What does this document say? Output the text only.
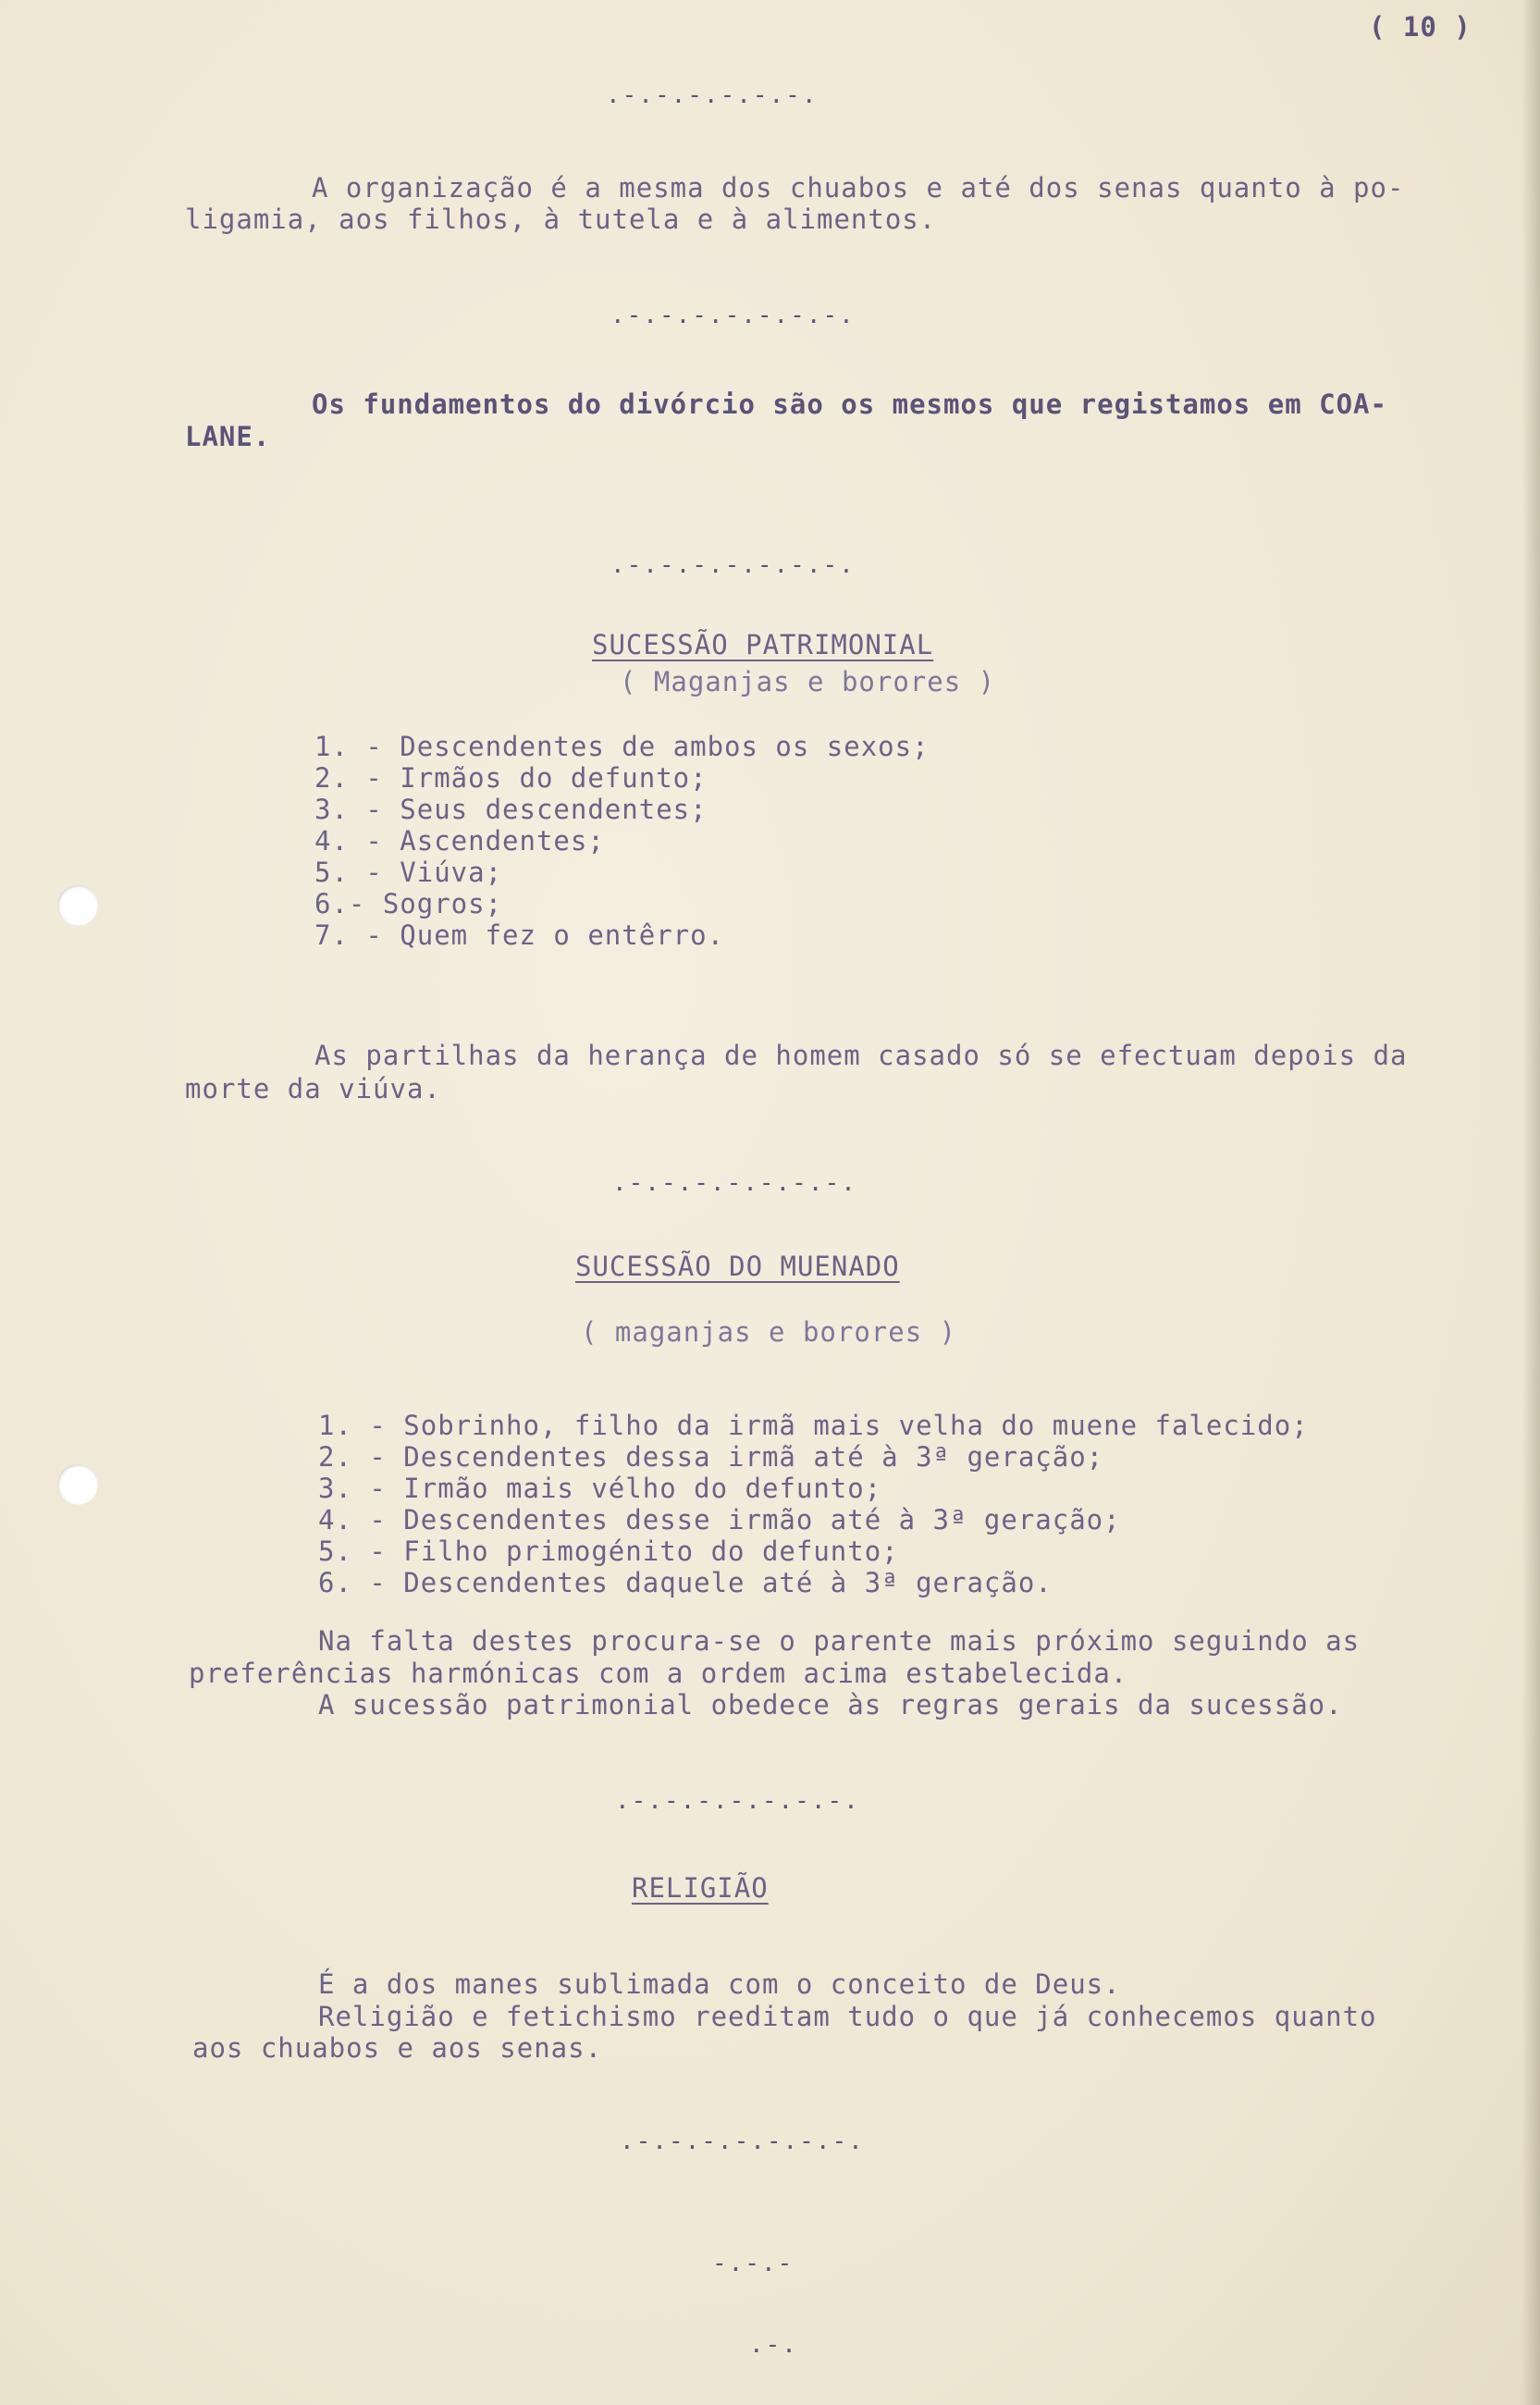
( 10 )
.-.-.-.-.-.-.
A organização é a mesma dos chuabos e até dos senas quanto à po-
ligamia, aos filhos, à tutela e à alimentos.
.-.-.-.-.-.-.-.
Os fundamentos do divórcio são os mesmos que registamos em COA-
LANE.
.-.-.-.-.-.-.-.
SUCESSÃO PATRIMONIAL
( Maganjas e borores )
1. - Descendentes de ambos os sexos;
2. - Irmãos do defunto;
3. - Seus descendentes;
4. - Ascendentes;
5. - Viúva;
6.- Sogros;
7. - Quem fez o entêrro.
As partilhas da herança de homem casado só se efectuam depois da
morte da viúva.
.-.-.-.-.-.-.-.
SUCESSÃO DO MUENADO
( maganjas e borores )
1. - Sobrinho, filho da irmã mais velha do muene falecido;
2. - Descendentes dessa irmã até à 3ª geração;
3. - Irmão mais vélho do defunto;
4. - Descendentes desse irmão até à 3ª geração;
5. - Filho primogénito do defunto;
6. - Descendentes daquele até à 3ª geração.
Na falta destes procura-se o parente mais próximo seguindo as
preferências harmónicas com a ordem acima estabelecida.
A sucessão patrimonial obedece às regras gerais da sucessão.
.-.-.-.-.-.-.-.
RELIGIÃO
É a dos manes sublimada com o conceito de Deus.
Religião e fetichismo reeditam tudo o que já conhecemos quanto
aos chuabos e aos senas.
.-.-.-.-.-.-.-.
-.-.-
.-.
